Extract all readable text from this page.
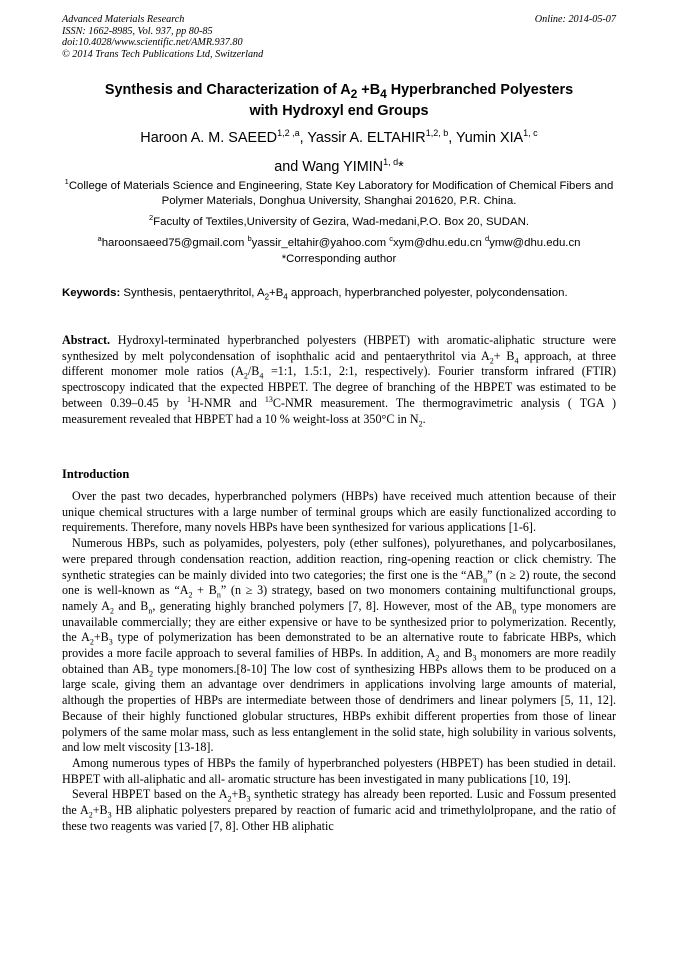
Advanced Materials Research
ISSN: 1662-8985, Vol. 937, pp 80-85
doi:10.4028/www.scientific.net/AMR.937.80
© 2014 Trans Tech Publications Ltd, Switzerland
Online: 2014-05-07
Synthesis and Characterization of $A_2 +B_4$ Hyperbranched Polyesters
with Hydroxyl end Groups
Haroon A. M. SAEED$^{1,2 ,a}$, Yassir A. ELTAHIR$^{1,2, b}$, Yumin XIA$^{1, c}$
and Wang YIMIN$^{1, d}$*
$^1$College of Materials Science and Engineering, State Key Laboratory for Modification of Chemical Fibers and Polymer Materials, Donghua University, Shanghai 201620, P.R. China.
$^2$Faculty of Textiles,University of Gezira, Wad-medani,P.O. Box 20, SUDAN.
$^a$haroonsaeed75@gmail.com $^b$yassir_eltahir@yahoo.com $^c$xym@dhu.edu.cn $^d$ymw@dhu.edu.cn
*Corresponding author
Keywords: Synthesis, pentaerythritol, $A_2+B_4$ approach, hyperbranched polyester, polycondensation.
Abstract. Hydroxyl-terminated hyperbranched polyesters (HBPET) with aromatic-aliphatic structure were synthesized by melt polycondensation of isophthalic acid and pentaerythritol via $A_2+ B_4$ approach, at three different monomer mole ratios ($A_2/B_4$ =1:1, 1.5:1, 2:1, respectively). Fourier transform infrared (FTIR) spectroscopy indicated that the expected HBPET. The degree of branching of the HBPET was estimated to be between 0.39–0.45 by $^1$H-NMR and $^{13}$C-NMR measurement. The thermogravimetric analysis ( TGA ) measurement revealed that HBPET had a 10 % weight-loss at 350°C in $N_2$.
Introduction

Over the past two decades, hyperbranched polymers (HBPs) have received much attention because of their unique chemical structures with a large number of terminal groups which are easily functionalized according to requirements. Therefore, many novels HBPs have been synthesized for various applications [1-6].

Numerous HBPs, such as polyamides, polyesters, poly (ether sulfones), polyurethanes, and polycarbosilanes, were prepared through condensation reaction, addition reaction, ring-opening reaction or click chemistry. The synthetic strategies can be mainly divided into two categories; the first one is the “$AB_n$” (n ≥ 2) route, the second one is well-known as “$A_2 + B_n$” (n ≥ 3) strategy, based on two monomers containing multifunctional groups, namely $A_2$ and $B_n$, generating highly branched polymers [7, 8]. However, most of the $AB_n$ type monomers are unavailable commercially; they are either expensive or have to be synthesized prior to polymerization. Recently, the $A_2+B_3$ type of polymerization has been demonstrated to be an alternative route to fabricate HBPs, which provides a more facile approach to several families of HBPs. In addition, $A_2$ and $B_3$ monomers are more readily obtained than $AB_2$ type monomers.[8-10] The low cost of synthesizing HBPs allows them to be produced on a large scale, giving them an advantage over dendrimers in applications involving large amounts of material, although the properties of HBPs are intermediate between those of dendrimers and linear polymers [5, 11, 12]. Because of their highly functioned globular structures, HBPs exhibit different properties from those of linear polymers of the same molar mass, such as less entanglement in the solid state, high solubility in various solvents, and low melt viscosity [13-18].

Among numerous types of HBPs the family of hyperbranched polyesters (HBPET) has been studied in detail. HBPET with all-aliphatic and all- aromatic structure has been investigated in many publications [10, 19].

Several HBPET based on the $A_2+B_3$ synthetic strategy has already been reported. Lusic and Fossum presented the $A_2+B_3$ HB aliphatic polyesters prepared by reaction of fumaric acid and trimethylolpropane, and the ratio of these two reagents was varied [7, 8]. Other HB aliphatic
